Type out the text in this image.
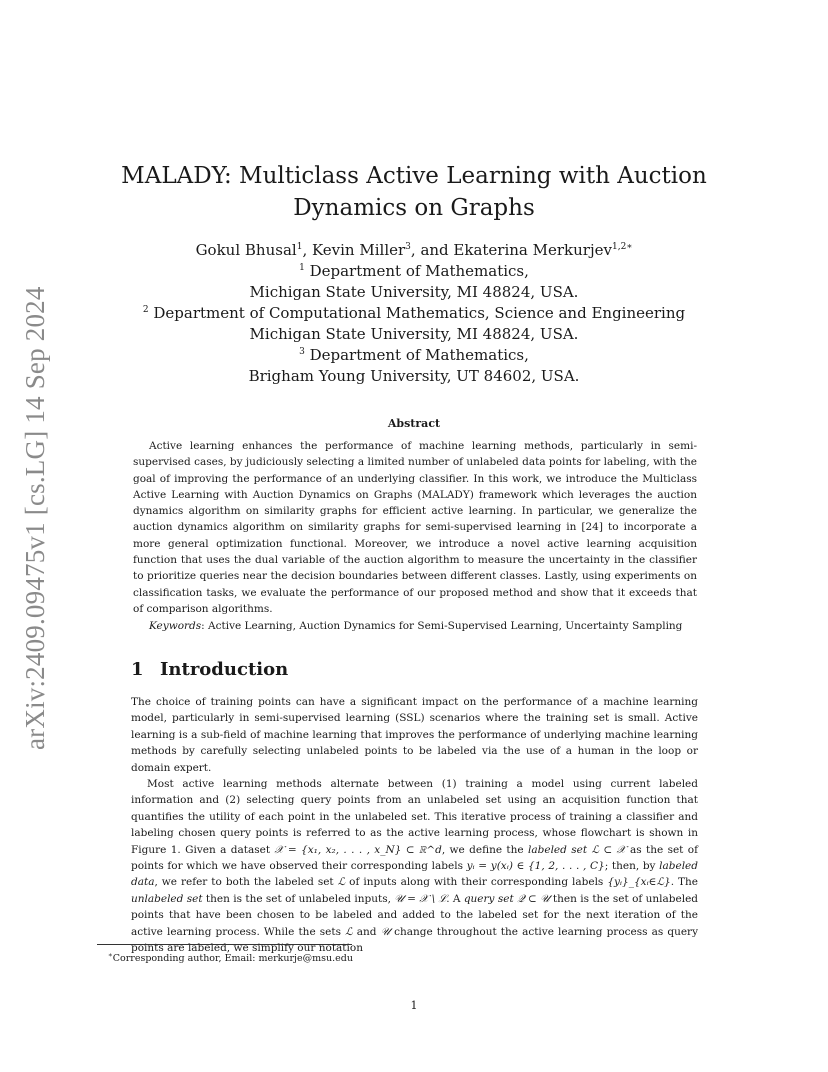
arXiv:2409.09475v1 [cs.LG] 14 Sep 2024
MALADY: Multiclass Active Learning with Auction Dynamics on Graphs
Gokul Bhusal$^1$, Kevin Miller$^3$, and Ekaterina Merkurjev$^{1,2∗}$
$^1$ Department of Mathematics,
Michigan State University, MI 48824, USA.
$^2$ Department of Computational Mathematics, Science and Engineering
Michigan State University, MI 48824, USA.
$^3$ Department of Mathematics,
Brigham Young University, UT 84602, USA.
Abstract

Active learning enhances the performance of machine learning methods, particularly in semi-supervised cases, by judiciously selecting a limited number of unlabeled data points for labeling, with the goal of improving the performance of an underlying classifier. In this work, we introduce the Multiclass Active Learning with Auction Dynamics on Graphs (MALADY) framework which leverages the auction dynamics algorithm on similarity graphs for efficient active learning. In particular, we generalize the auction dynamics algorithm on similarity graphs for semi-supervised learning in [24] to incorporate a more general optimization functional. Moreover, we introduce a novel active learning acquisition function that uses the dual variable of the auction algorithm to measure the uncertainty in the classifier to prioritize queries near the decision boundaries between different classes. Lastly, using experiments on classification tasks, we evaluate the performance of our proposed method and show that it exceeds that of comparison algorithms.

Keywords: Active Learning, Auction Dynamics for Semi-Supervised Learning, Uncertainty Sampling

1 Introduction

The choice of training points can have a significant impact on the performance of a machine learning model, particularly in semi-supervised learning (SSL) scenarios where the training set is small. Active learning is a sub-field of machine learning that improves the performance of underlying machine learning methods by carefully selecting unlabeled points to be labeled via the use of a human in the loop or domain expert.

Most active learning methods alternate between (1) training a model using current labeled information and (2) selecting query points from an unlabeled set using an acquisition function that quantifies the utility of each point in the unlabeled set. This iterative process of training a classifier and labeling chosen query points is referred to as the active learning process, whose flowchart is shown in Figure 1. Given a dataset 𝒳 = {x₁, x₂, . . . , x_N} ⊂ ℝ^d, we define the labeled set ℒ ⊂ 𝒳 as the set of points for which we have observed their corresponding labels yᵢ = y(xᵢ) ∈ {1, 2, . . . , C}; then, by labeled data, we refer to both the labeled set ℒ of inputs along with their corresponding labels {yᵢ}_{xᵢ∈ℒ}. The unlabeled set then is the set of unlabeled inputs, 𝒰 = 𝒳 \ ℒ. A query set 𝒬 ⊂ 𝒰 then is the set of unlabeled points that have been chosen to be labeled and added to the labeled set for the next iteration of the active learning process. While the sets ℒ and 𝒰 change throughout the active learning process as query points are labeled, we simplify our notation

∗Corresponding author, Email: merkurje@msu.edu

1
